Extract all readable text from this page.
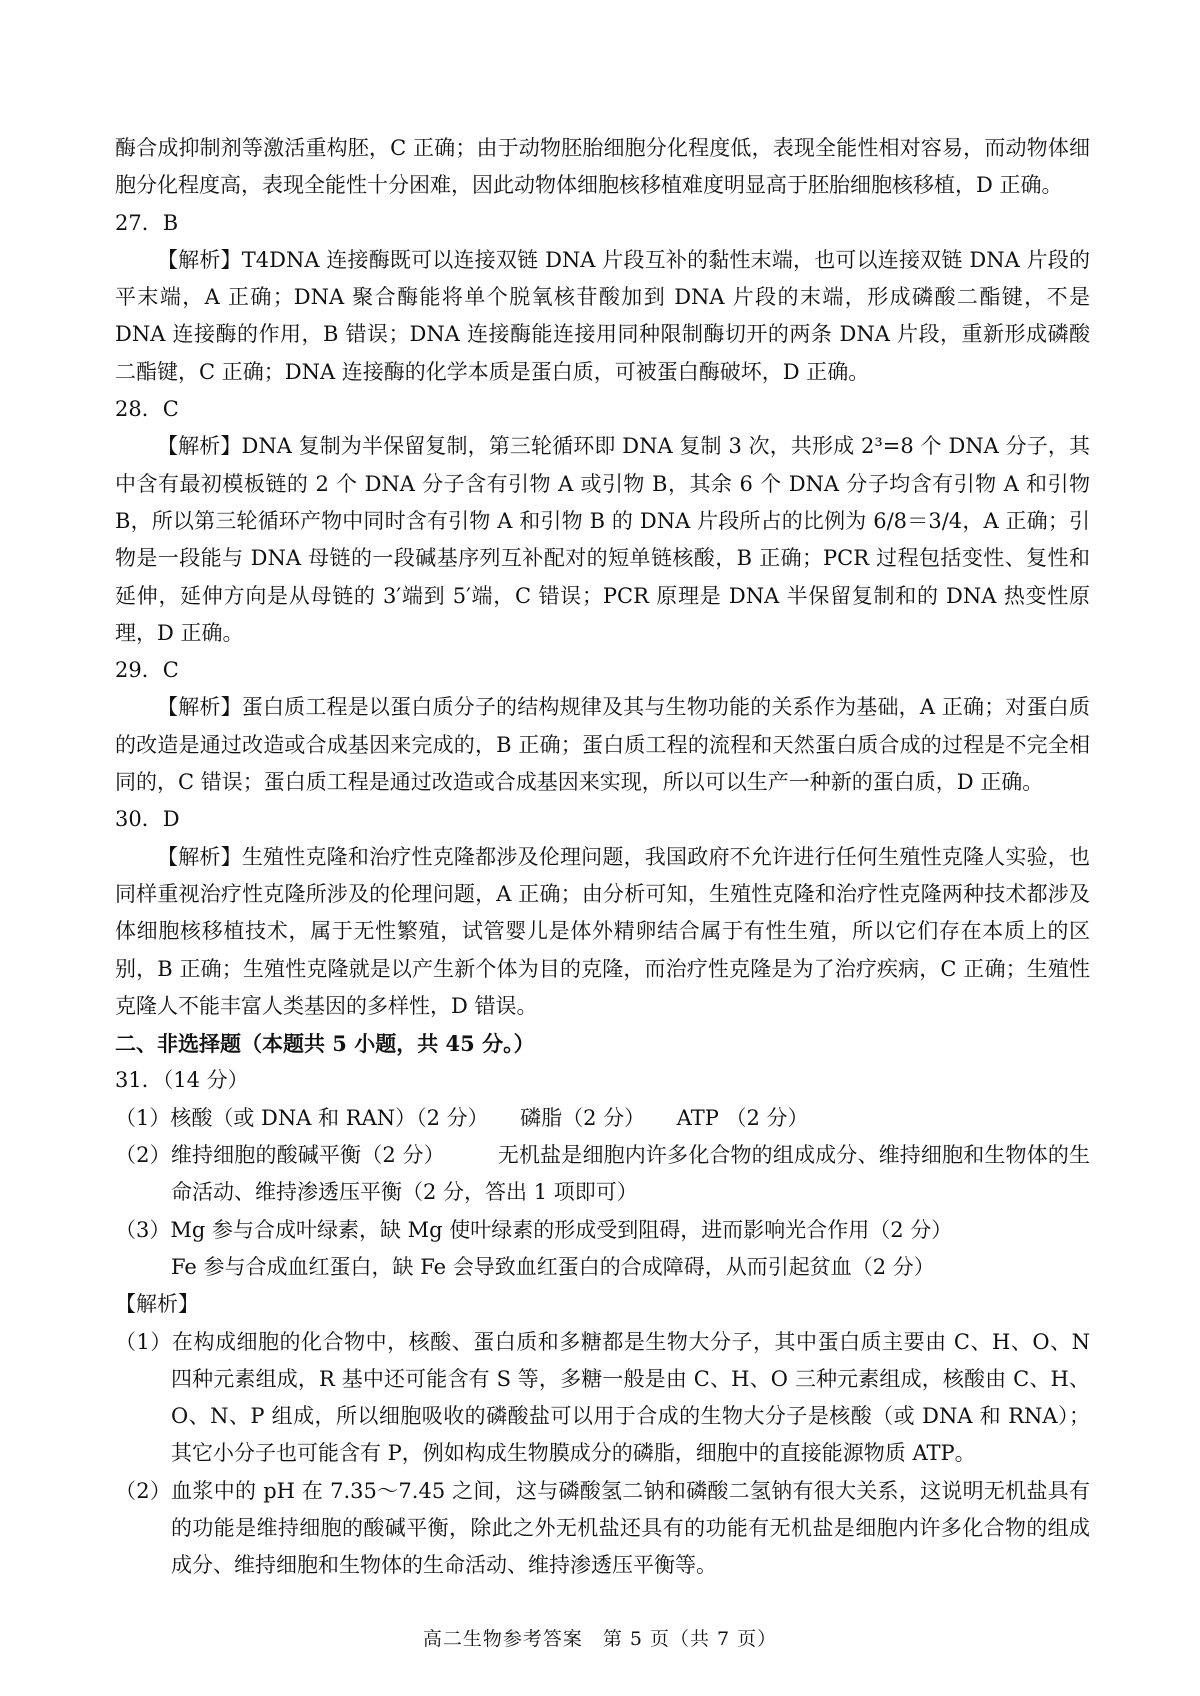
酶合成抑制剂等激活重构胚，C 正确；由于动物胚胎细胞分化程度低，表现全能性相对容易，而动物体细胞分化程度高，表现全能性十分困难，因此动物体细胞核移植难度明显高于胚胎细胞核移植，D 正确。

27．B

【解析】T4DNA 连接酶既可以连接双链 DNA 片段互补的黏性末端，也可以连接双链 DNA 片段的平末端，A 正确；DNA 聚合酶能将单个脱氧核苷酸加到 DNA 片段的末端，形成磷酸二酯键，不是 DNA 连接酶的作用，B 错误；DNA 连接酶能连接用同种限制酶切开的两条 DNA 片段，重新形成磷酸二酯键，C 正确；DNA 连接酶的化学本质是蛋白质，可被蛋白酶破坏，D 正确。

28．C

【解析】DNA 复制为半保留复制，第三轮循环即 DNA 复制 3 次，共形成 2³=8 个 DNA 分子，其中含有最初模板链的 2 个 DNA 分子含有引物 A 或引物 B，其余 6 个 DNA 分子均含有引物 A 和引物 B，所以第三轮循环产物中同时含有引物 A 和引物 B 的 DNA 片段所占的比例为 6/8＝3/4，A 正确；引物是一段能与 DNA 母链的一段碱基序列互补配对的短单链核酸，B 正确；PCR 过程包括变性、复性和延伸，延伸方向是从母链的 3′端到 5′端，C 错误；PCR 原理是 DNA 半保留复制和的 DNA 热变性原理，D 正确。

29．C

【解析】蛋白质工程是以蛋白质分子的结构规律及其与生物功能的关系作为基础，A 正确；对蛋白质的改造是通过改造或合成基因来完成的，B 正确；蛋白质工程的流程和天然蛋白质合成的过程是不完全相同的，C 错误；蛋白质工程是通过改造或合成基因来实现，所以可以生产一种新的蛋白质，D 正确。

30．D

【解析】生殖性克隆和治疗性克隆都涉及伦理问题，我国政府不允许进行任何生殖性克隆人实验，也同样重视治疗性克隆所涉及的伦理问题，A 正确；由分析可知，生殖性克隆和治疗性克隆两种技术都涉及体细胞核移植技术，属于无性繁殖，试管婴儿是体外精卵结合属于有性生殖，所以它们存在本质上的区别，B 正确；生殖性克隆就是以产生新个体为目的克隆，而治疗性克隆是为了治疗疾病，C 正确；生殖性克隆人不能丰富人类基因的多样性，D 错误。

二、非选择题（本题共 5 小题，共 45 分。）

31．（14 分）

（1）核酸（或 DNA 和 RAN）（2 分）　　磷脂（2 分）　　ATP （2 分）

（2）维持细胞的酸碱平衡（2 分）　　　无机盐是细胞内许多化合物的组成成分、维持细胞和生物体的生命活动、维持渗透压平衡（2 分，答出 1 项即可）

（3）Mg 参与合成叶绿素，缺 Mg 使叶绿素的形成受到阻碍，进而影响光合作用（2 分）

Fe 参与合成血红蛋白，缺 Fe 会导致血红蛋白的合成障碍，从而引起贫血（2 分）

【解析】

（1）在构成细胞的化合物中，核酸、蛋白质和多糖都是生物大分子，其中蛋白质主要由 C、H、O、N 四种元素组成，R 基中还可能含有 S 等，多糖一般是由 C、H、O 三种元素组成，核酸由 C、H、O、N、P 组成，所以细胞吸收的磷酸盐可以用于合成的生物大分子是核酸（或 DNA 和 RNA）；其它小分子也可能含有 P，例如构成生物膜成分的磷脂，细胞中的直接能源物质 ATP。

（2）血浆中的 pH 在 7.35～7.45 之间，这与磷酸氢二钠和磷酸二氢钠有很大关系，这说明无机盐具有的功能是维持细胞的酸碱平衡，除此之外无机盐还具有的功能有无机盐是细胞内许多化合物的组成成分、维持细胞和生物体的生命活动、维持渗透压平衡等。

高二生物参考答案　第 5 页（共 7 页）
